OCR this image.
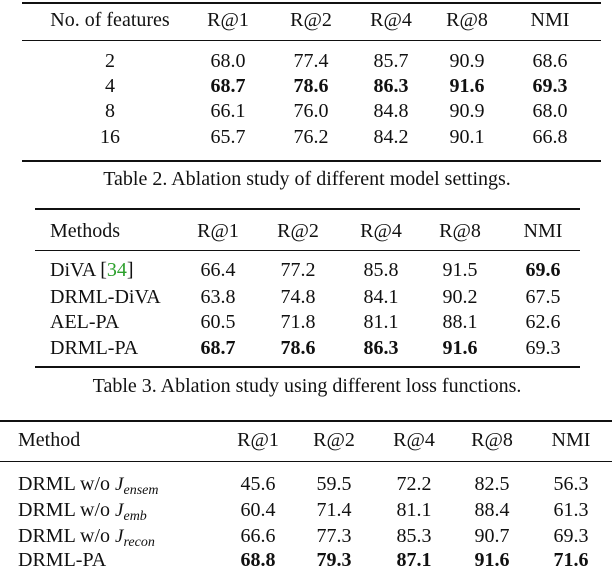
No. of features R@1 R@2 R@4 R@8 NMI
2	68.0 77.4 85.7 90.9 68.6
4	68.7 78.6 86.3 91.6 69.3
8	66.1 76.0 84.8 90.9 68.0
16	65.7 76.2 84.2 90.1 66.8
Table 2. Ablation study of different model settings.
Methods	R@1 R@2 R@4 R@8 NMI
DiVA [34]	66.4 77.2 85.8 91.5 69.6
DRML-DiVA 63.8 74.8 84.1 90.2 67.5
AEL-PA	60.5 71.8 81.1 88.1 62.6
DRML-PA	68.7 78.6 86.3 91.6 69.3
Table 3. Ablation study using different loss functions.
Method	R@1 R@2 R@4 R@8 NMI
DRML w/o $J_{ensem}$	45.6 59.5 72.2 82.5 56.3
DRML w/o $J_{emb}$	60.4 71.4 81.1 88.4 61.3
DRML w/o $J_{recon}$	66.6 77.3 85.3 90.7 69.3
DRML-PA	68.8 79.3 87.1 91.6 71.6
